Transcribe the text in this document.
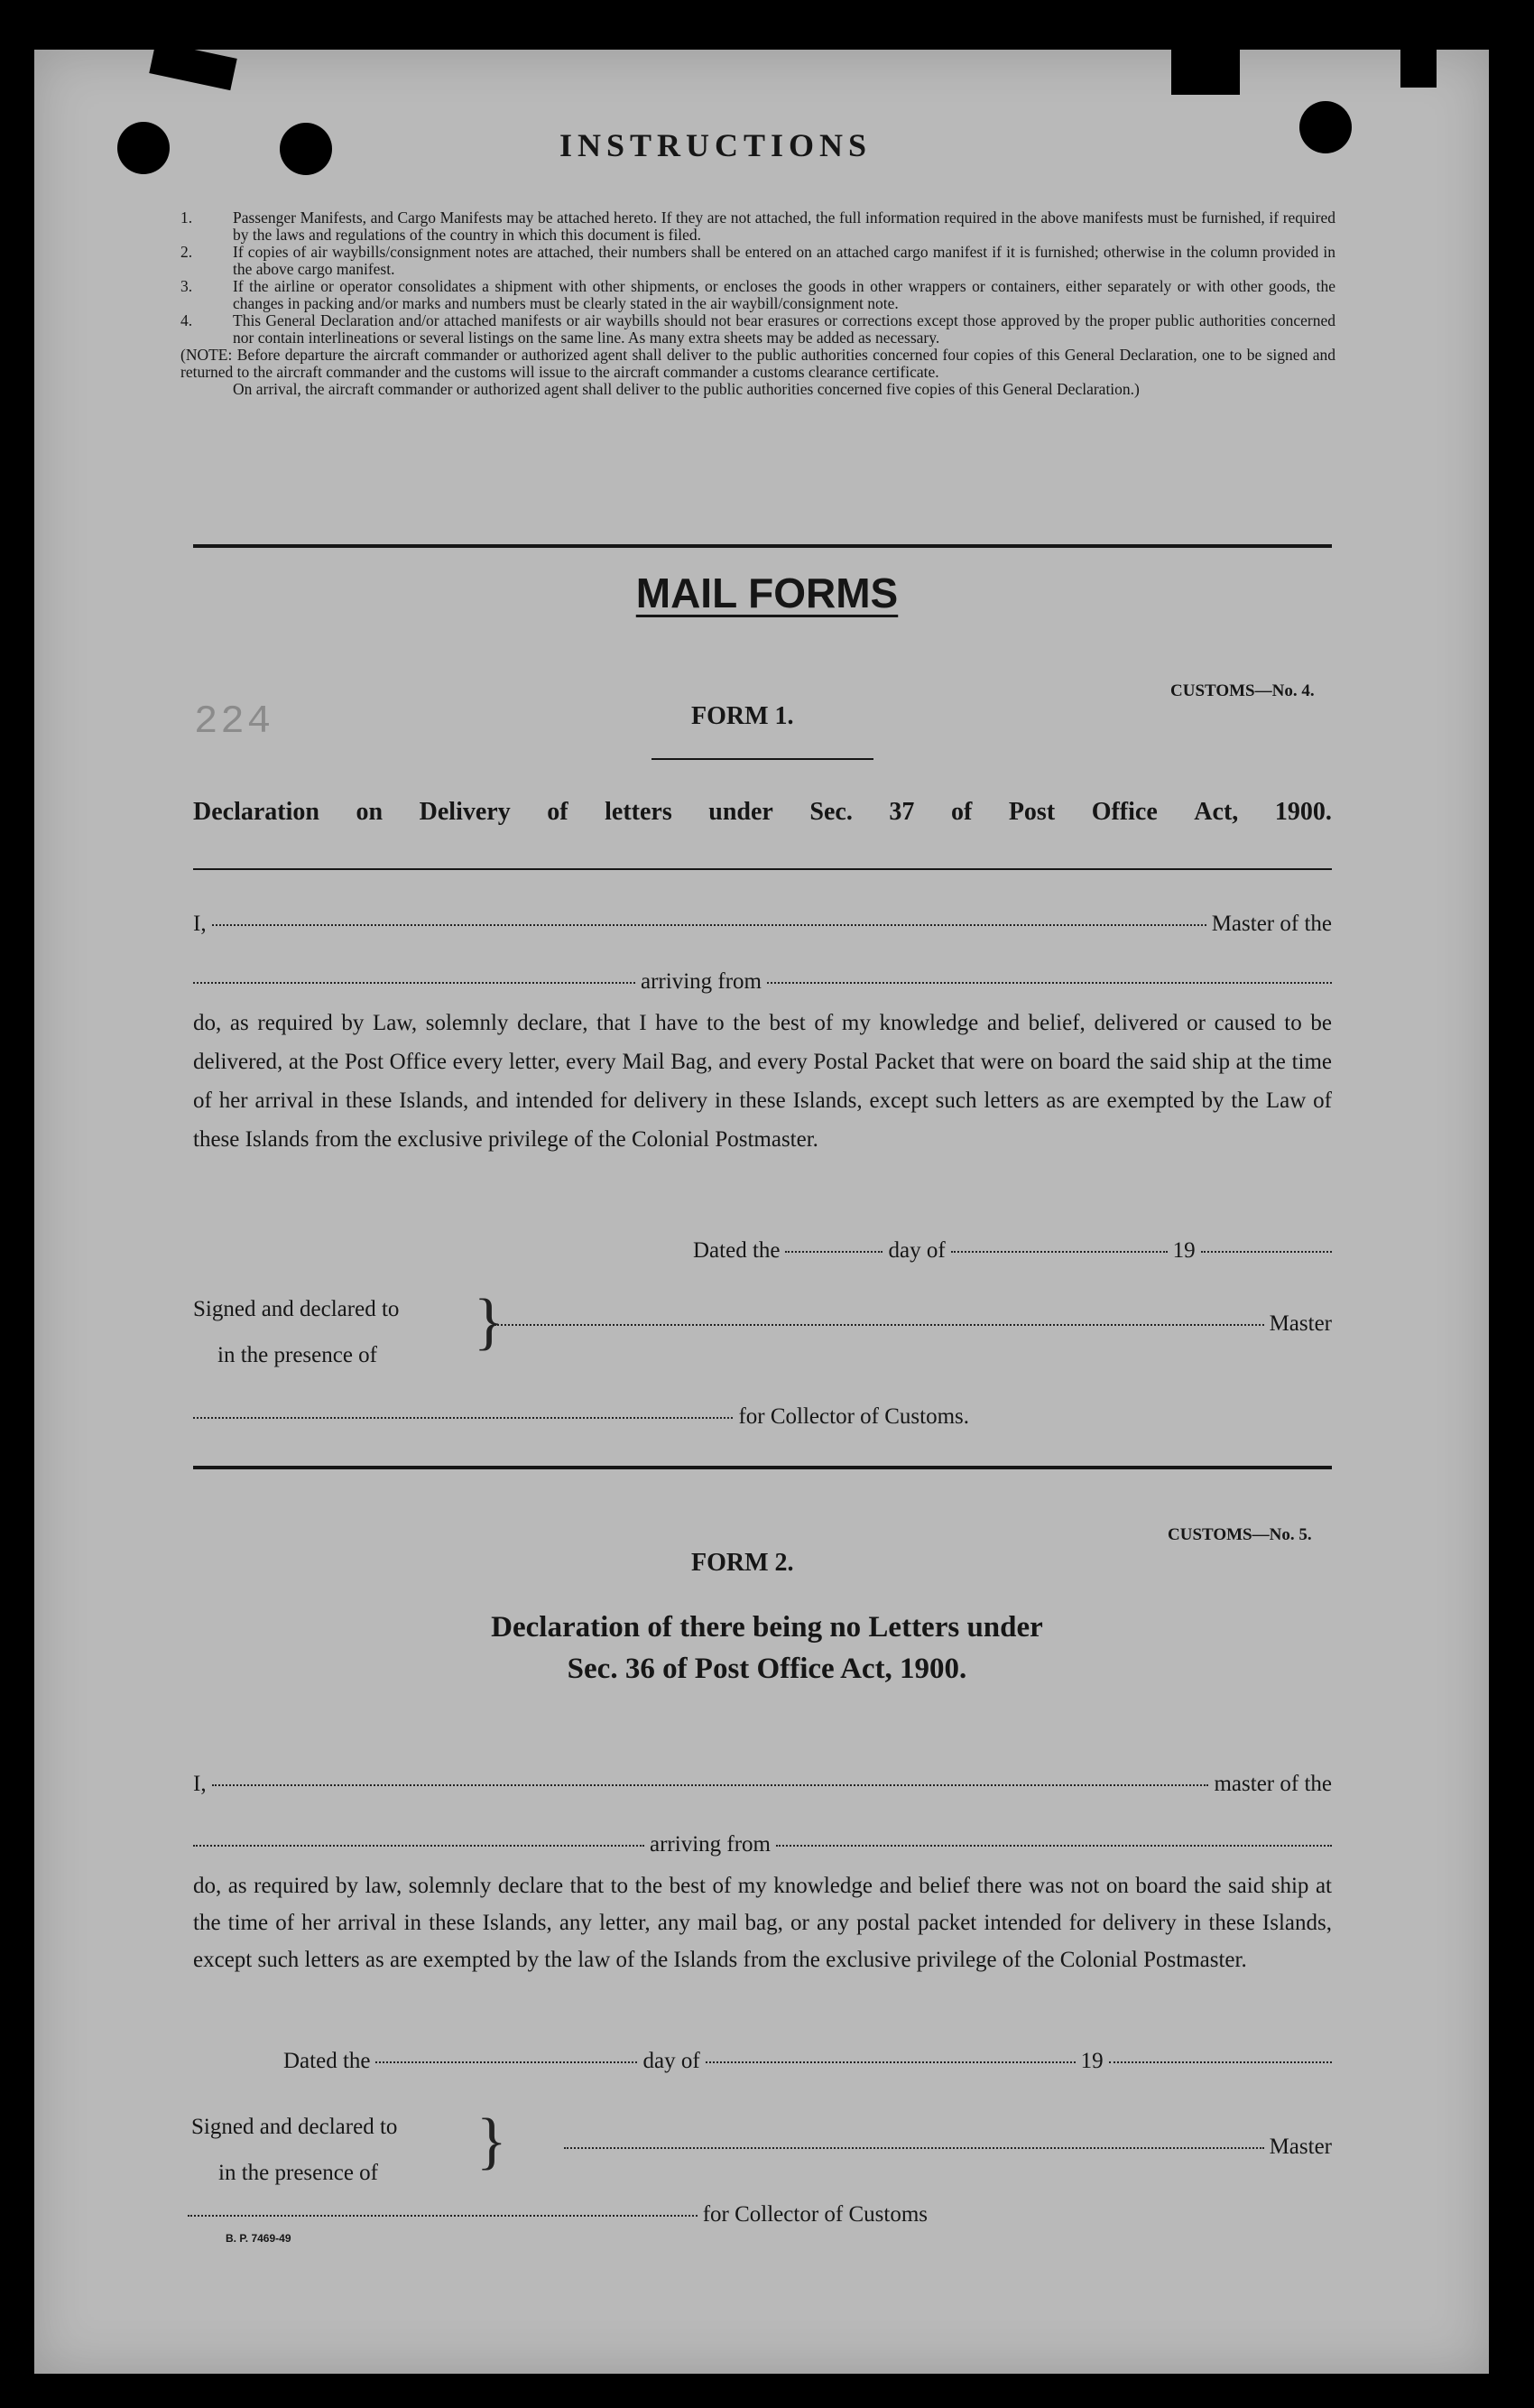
INSTRUCTIONS
1.	Passenger Manifests, and Cargo Manifests may be attached hereto. If they are not attached, the full information required in the above manifests must be furnished, if required by the laws and regulations of the country in which this document is filed.
2.	If copies of air waybills/consignment notes are attached, their numbers shall be entered on an attached cargo manifest if it is furnished; otherwise in the column provided in the above cargo manifest.
3.	If the airline or operator consolidates a shipment with other shipments, or encloses the goods in other wrappers or containers, either separately or with other goods, the changes in packing and/or marks and numbers must be clearly stated in the air waybill/consignment note.
4.	This General Declaration and/or attached manifests or air waybills should not bear erasures or corrections except those approved by the proper public authorities concerned nor contain interlineations or several listings on the same line. As many extra sheets may be added as necessary.
(NOTE: Before departure the aircraft commander or authorized agent shall deliver to the public authorities concerned four copies of this General Declaration, one to be signed and returned to the aircraft commander and the customs will issue to the aircraft commander a customs clearance certificate.
On arrival, the aircraft commander or authorized agent shall deliver to the public authorities concerned five copies of this General Declaration.)
MAIL FORMS
224
CUSTOMS—No. 4.
FORM 1.
Declaration on Delivery of letters under Sec. 37 of Post Office Act, 1900.
I,	Master of the
arriving from
do, as required by Law, solemnly declare, that I have to the best of my knowledge and belief, delivered or caused to be delivered, at the Post Office every letter, every Mail Bag, and every Postal Packet that were on board the said ship at the time of her arrival in these Islands, and intended for delivery in these Islands, except such letters as are exempted by the Law of these Islands from the exclusive privilege of the Colonial Postmaster.
Dated the	day of	19
Signed and declared to
in the presence of	}	Master
for Collector of Customs.
CUSTOMS—No. 5.
FORM 2.
Declaration of there being no Letters under
Sec. 36 of Post Office Act, 1900.
I,	master of the
arriving from
do, as required by law, solemnly declare that to the best of my knowledge and belief there was not on board the said ship at the time of her arrival in these Islands, any letter, any mail bag, or any postal packet intended for delivery in these Islands, except such letters as are exempted by the law of the Islands from the exclusive privilege of the Colonial Postmaster.
Dated the	day of	19
Signed and declared to
in the presence of	}	Master
for Collector of Customs
B. P. 7469-49
